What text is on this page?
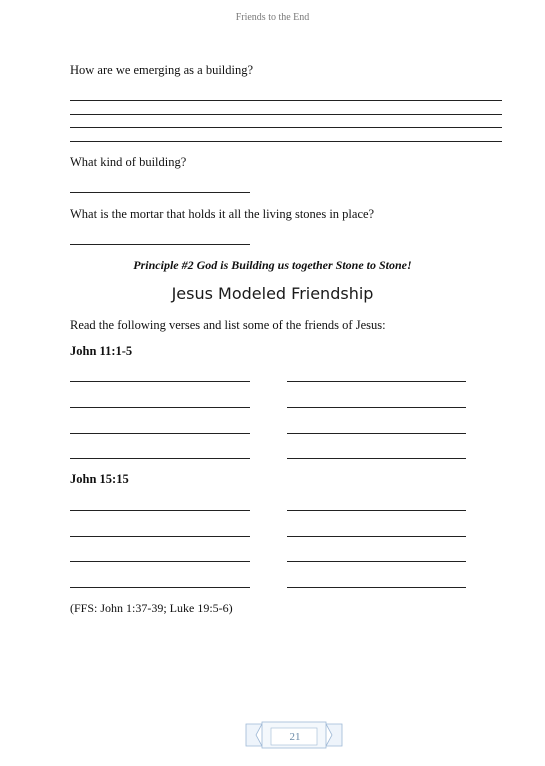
Friends to the End
How are we emerging as a building?
What kind of building?
What is the mortar that holds it all the living stones in place?
Principle #2 God is Building us together Stone to Stone!
Jesus Modeled Friendship
Read the following verses and list some of the friends of Jesus:
John 11:1-5
John 15:15
(FFS: John 1:37-39; Luke 19:5-6)
21
